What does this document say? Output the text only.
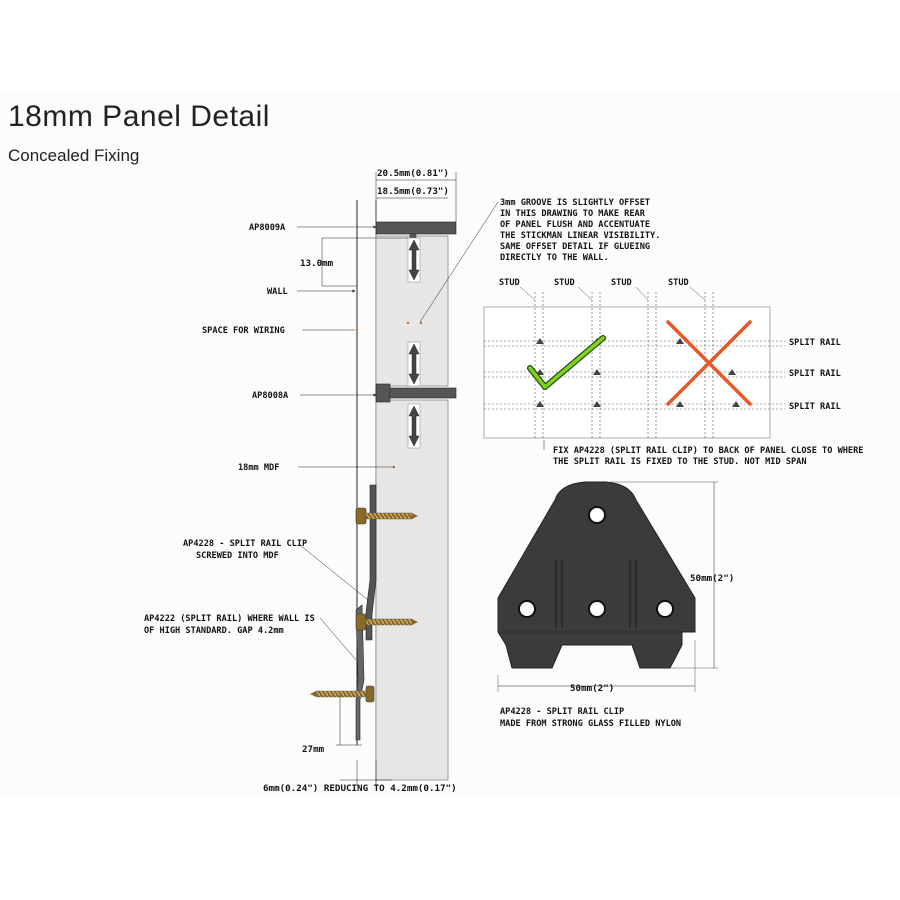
18mm Panel Detail
Concealed Fixing
20.5mm(0.81")
18.5mm(0.73")
13.0mm
AP8009A
WALL
SPACE FOR WIRING
AP8008A
18mm MDF
AP4228 - SPLIT RAIL CLIP
SCREWED INTO MDF
AP4222 (SPLIT RAIL) WHERE WALL IS
OF HIGH STANDARD. GAP 4.2mm
27mm
6mm(0.24") REDUCING TO 4.2mm(0.17")
3mm GROOVE IS SLIGHTLY OFFSET
IN THIS DRAWING TO MAKE REAR
OF PANEL FLUSH AND ACCENTUATE
THE STICKMAN LINEAR VISIBILITY.
SAME OFFSET DETAIL IF GLUEING
DIRECTLY TO THE WALL.
STUD	STUD	STUD	STUD
SPLIT RAIL
SPLIT RAIL
SPLIT RAIL
FIX AP4228 (SPLIT RAIL CLIP) TO BACK OF PANEL CLOSE TO WHERE
THE SPLIT RAIL IS FIXED TO THE STUD. NOT MID SPAN
50mm(2")
50mm(2")
AP4228 - SPLIT RAIL CLIP
MADE FROM STRONG GLASS FILLED NYLON
